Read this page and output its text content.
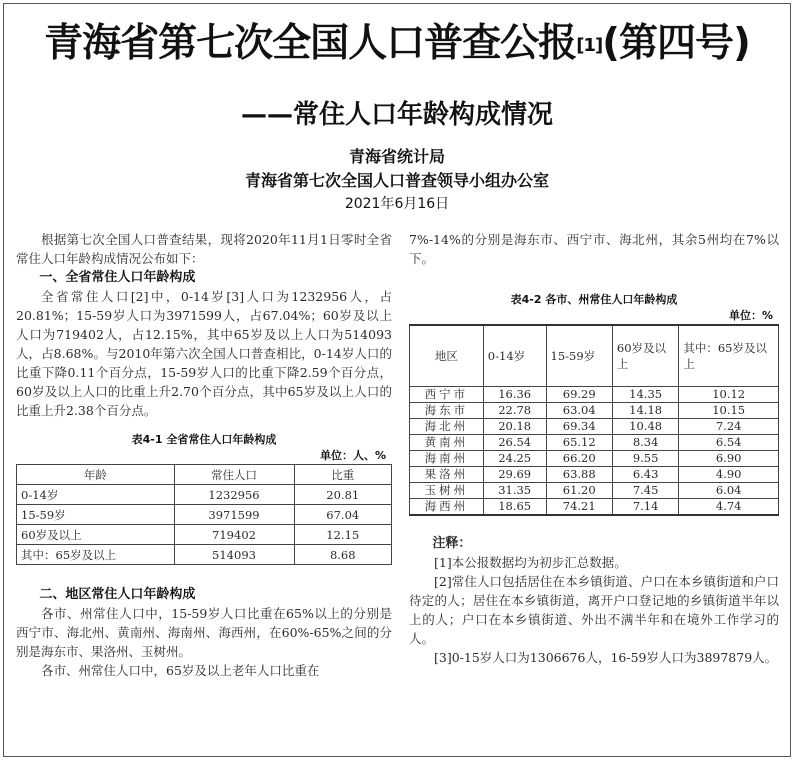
青海省第七次全国人口普查公报[1](第四号)
——常住人口年龄构成情况
青海省统计局
青海省第七次全国人口普查领导小组办公室
2021年6月16日

根据第七次全国人口普查结果，现将2020年11月1日零时全省常住人口年龄构成情况公布如下：

一、全省常住人口年龄构成

全省常住人口[2]中，0-14岁[3]人口为1232956人，占20.81%；15-59岁人口为3971599人，占67.04%；60岁及以上人口为719402人，占12.15%，其中65岁及以上人口为514093人，占8.68%。与2010年第六次全国人口普查相比，0-14岁人口的比重下降0.11个百分点，15-59岁人口的比重下降2.59个百分点，60岁及以上人口的比重上升2.70个百分点，其中65岁及以上人口的比重上升2.38个百分点。

表4-1 全省常住人口年龄构成
单位：人、%
年龄	常住人口	比重
0-14岁	1232956	20.81
15-59岁	3971599	67.04
60岁及以上	719402	12.15
其中：65岁及以上	514093	8.68
二、地区常住人口年龄构成

各市、州常住人口中，15-59岁人口比重在65%以上的分别是西宁市、海北州、黄南州、海南州、海西州，在60%-65%之间的分别是海东市、果洛州、玉树州。

各市、州常住人口中，65岁及以上老年人口比重在

7%-14%的分别是海东市、西宁市、海北州，其余5州均在7%以下。

表4-2 各市、州常住人口年龄构成
单位：%
地区	0-14岁	15-59岁	60岁及以上	其中：65岁及以上
西宁市	16.36	69.29	14.35	10.12
海东市	22.78	63.04	14.18	10.15
海北州	20.18	69.34	10.48	7.24
黄南州	26.54	65.12	8.34	6.54
海南州	24.25	66.20	9.55	6.90
果洛州	29.69	63.88	6.43	4.90
玉树州	31.35	61.20	7.45	6.04
海西州	18.65	74.21	7.14	4.74
注释：

[1]本公报数据均为初步汇总数据。

[2]常住人口包括居住在本乡镇街道、户口在本乡镇街道和户口待定的人；居住在本乡镇街道，离开户口登记地的乡镇街道半年以上的人；户口在本乡镇街道、外出不满半年和在境外工作学习的人。

[3]0-15岁人口为1306676人，16-59岁人口为3897879人。
